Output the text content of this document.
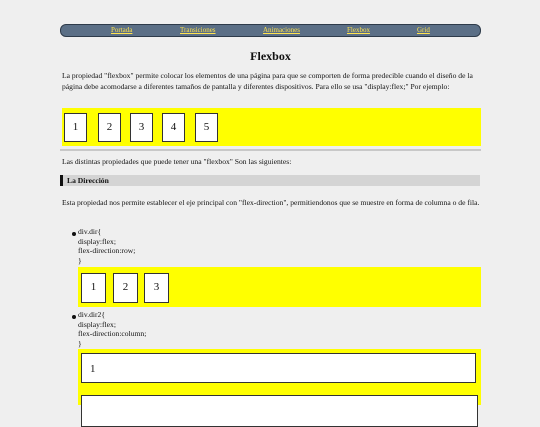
Portada	Transiciones	Animaciones	Flexbox	Grid
Flexbox
La propiedad "flexbox" permite colocar los elementos de una página para que se comporten de forma predecible cuando el diseño de la página debe acomodarse a diferentes tamaños de pantalla y diferentes dispositivos. Para ello se usa "display:flex;" Por ejemplo:
1	2	3	4	5
Las distintas propiedades que puede tener una "flexbox" Son las siguientes:
La Dirección
Esta propiedad nos permite establecer el eje principal con "flex-direction", permitiendonos que se muestre en forma de columna o de fila.
div.dir{
display:flex;
flex-direction:row;
}
1	2	3
div.dir2{
display:flex;
flex-direction:column;
}
1
